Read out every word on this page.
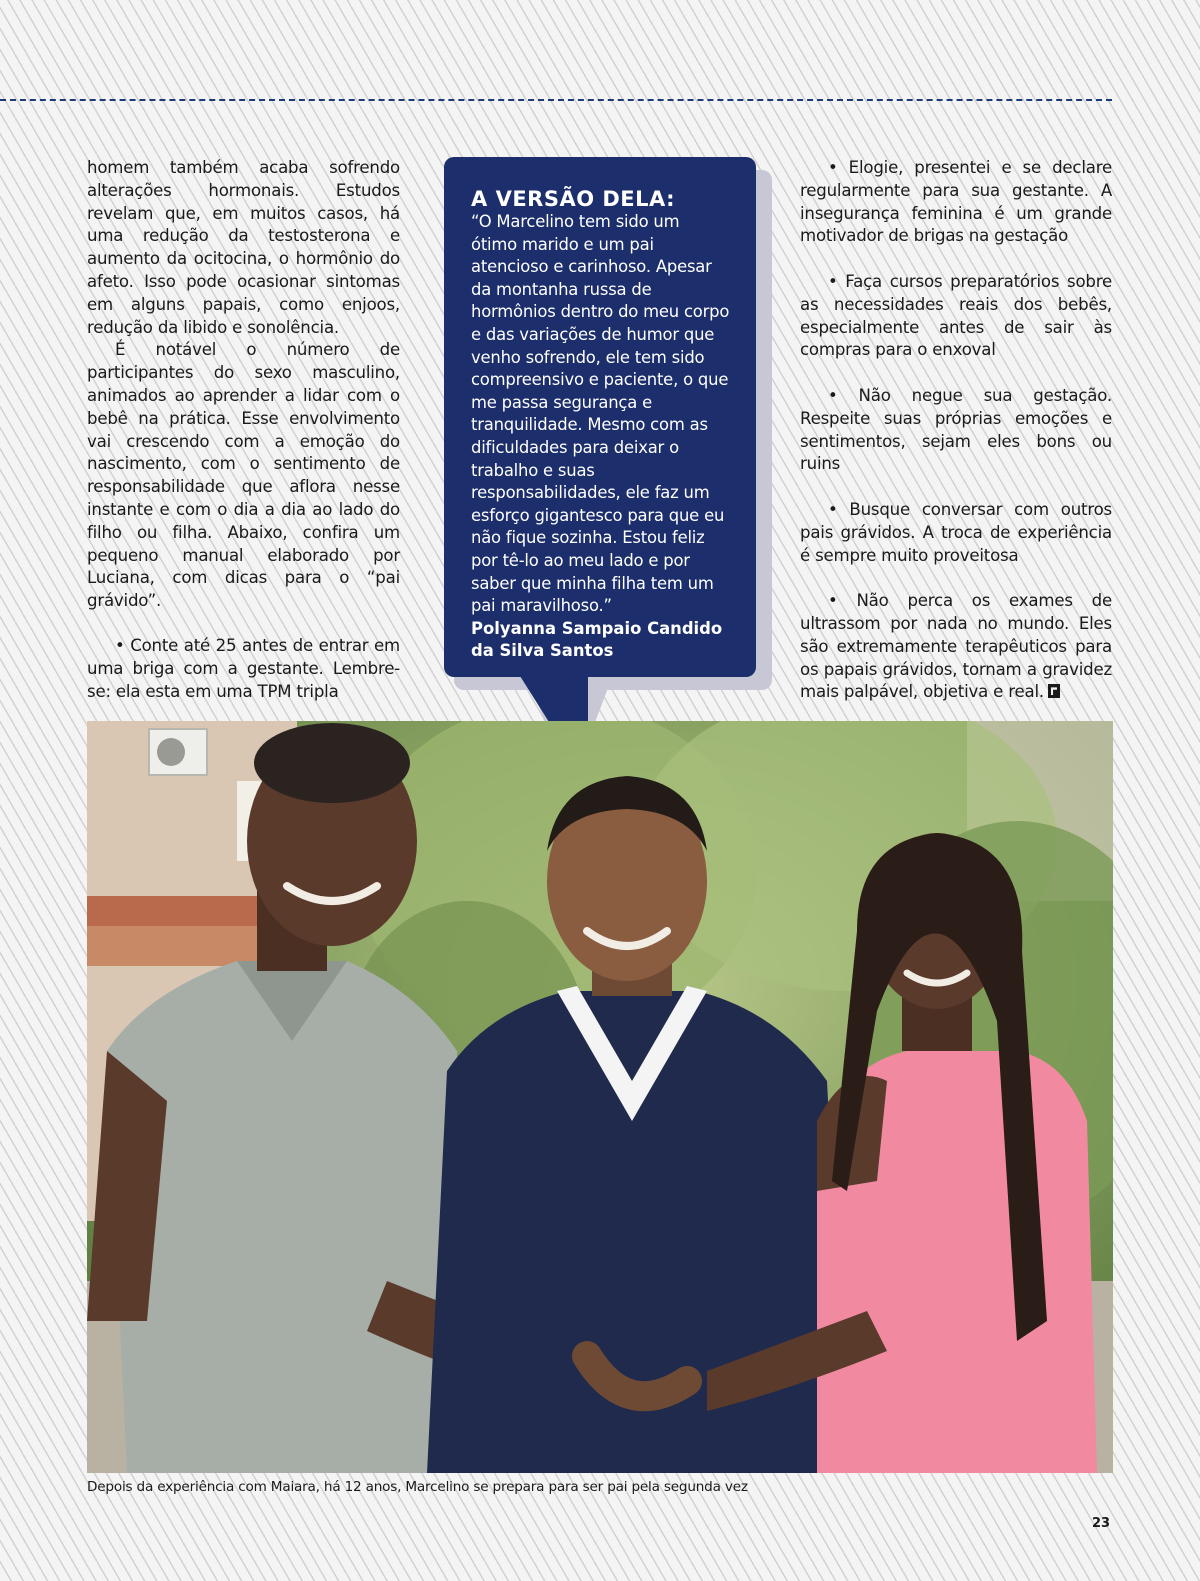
homem também acaba sofrendo alterações hormonais. Estudos revelam que, em muitos casos, há uma redução da testosterona e aumento da ocitocina, o hormônio do afeto. Isso pode ocasionar sintomas em alguns papais, como enjoos, redução da libido e sonolência.

É notável o número de participantes do sexo masculino, animados ao aprender a lidar com o bebê na prática. Esse envolvimento vai crescendo com a emoção do nascimento, com o sentimento de responsabilidade que aflora nesse instante e com o dia a dia ao lado do filho ou filha. Abaixo, confira um pequeno manual elaborado por Luciana, com dicas para o “pai grávido”.

• Conte até 25 antes de entrar em uma briga com a gestante. Lembre-se: ela esta em uma TPM tripla

A VERSÃO DELA:

“O Marcelino tem sido um ótimo marido e um pai atencioso e carinhoso. Apesar da montanha russa de hormônios dentro do meu corpo e das variações de humor que venho sofrendo, ele tem sido compreensivo e paciente, o que me passa segurança e tranquilidade. Mesmo com as dificuldades para deixar o trabalho e suas responsabilidades, ele faz um esforço gigantesco para que eu não fique sozinha. Estou feliz por tê-lo ao meu lado e por saber que minha filha tem um pai maravilhoso.”

Polyanna Sampaio Candido da Silva Santos

• Elogie, presentei e se declare regularmente para sua gestante. A insegurança feminina é um grande motivador de brigas na gestação

• Faça cursos preparatórios sobre as necessidades reais dos bebês, especialmente antes de sair às compras para o enxoval

• Não negue sua gestação. Respeite suas próprias emoções e sentimentos, sejam eles bons ou ruins

• Busque conversar com outros pais grávidos. A troca de experiência é sempre muito proveitosa

• Não perca os exames de ultrassom por nada no mundo. Eles são extremamente terapêuticos para os papais grávidos, tornam a gravidez mais palpável, objetiva e real.

Depois da experiência com Maiara, há 12 anos, Marcelino se prepara para ser pai pela segunda vez
23
